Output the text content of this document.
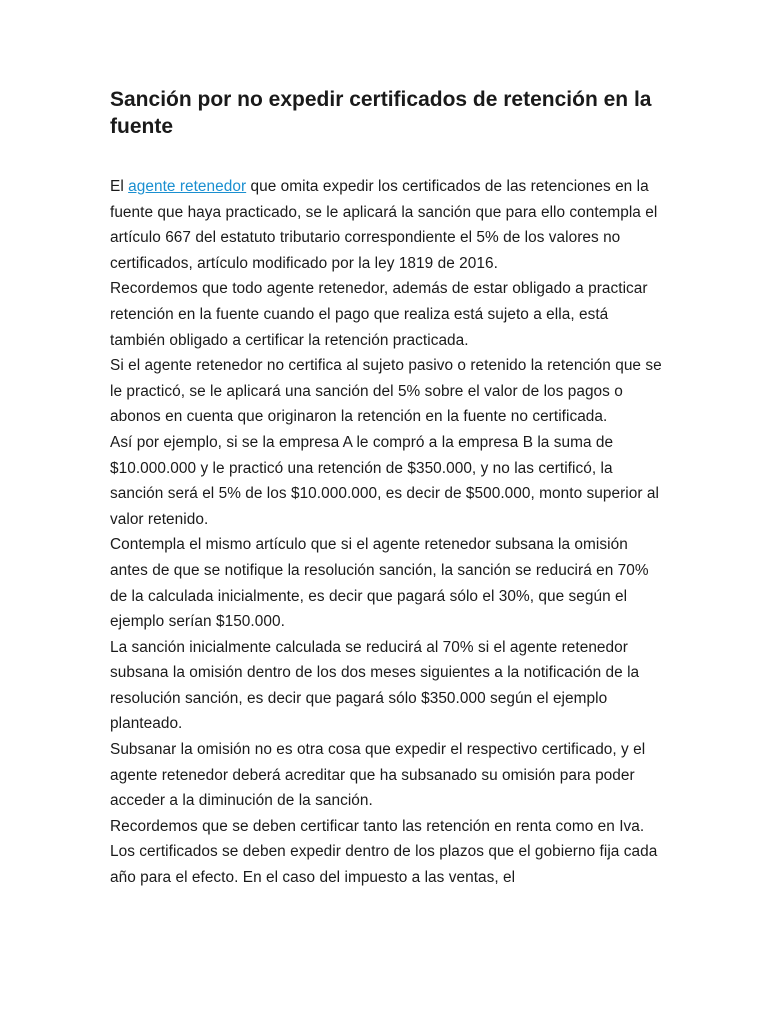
Sanción por no expedir certificados de retención en la fuente

El agente retenedor que omita expedir los certificados de las retenciones en la fuente que haya practicado, se le aplicará la sanción que para ello contempla el artículo 667 del estatuto tributario correspondiente el 5% de los valores no certificados, artículo modificado por la ley 1819 de 2016.

Recordemos que todo agente retenedor, además de estar obligado a practicar retención en la fuente cuando el pago que realiza está sujeto a ella, está también obligado a certificar la retención practicada.

Si el agente retenedor no certifica al sujeto pasivo o retenido la retención que se le practicó, se le aplicará una sanción del 5% sobre el valor de los pagos o abonos en cuenta que originaron la retención en la fuente no certificada.

Así por ejemplo, si se la empresa A le compró a la empresa B la suma de $10.000.000 y le practicó una retención de $350.000, y no las certificó, la sanción será el 5% de los $10.000.000, es decir de $500.000, monto superior al valor retenido.

Contempla el mismo artículo que si el agente retenedor subsana la omisión antes de que se notifique la resolución sanción, la sanción se reducirá en 70% de la calculada inicialmente, es decir que pagará sólo el 30%, que según el ejemplo serían $150.000.

La sanción inicialmente calculada se reducirá al 70% si el agente retenedor subsana la omisión dentro de los dos meses siguientes a la notificación de la resolución sanción, es decir que pagará sólo $350.000 según el ejemplo planteado.

Subsanar la omisión no es otra cosa que expedir el respectivo certificado, y el agente retenedor deberá acreditar que ha subsanado su omisión para poder acceder a la diminución de la sanción.

Recordemos que se deben certificar tanto las retención en renta como en Iva.

Los certificados se deben expedir dentro de los plazos que el gobierno fija cada año para el efecto. En el caso del impuesto a las ventas, el
